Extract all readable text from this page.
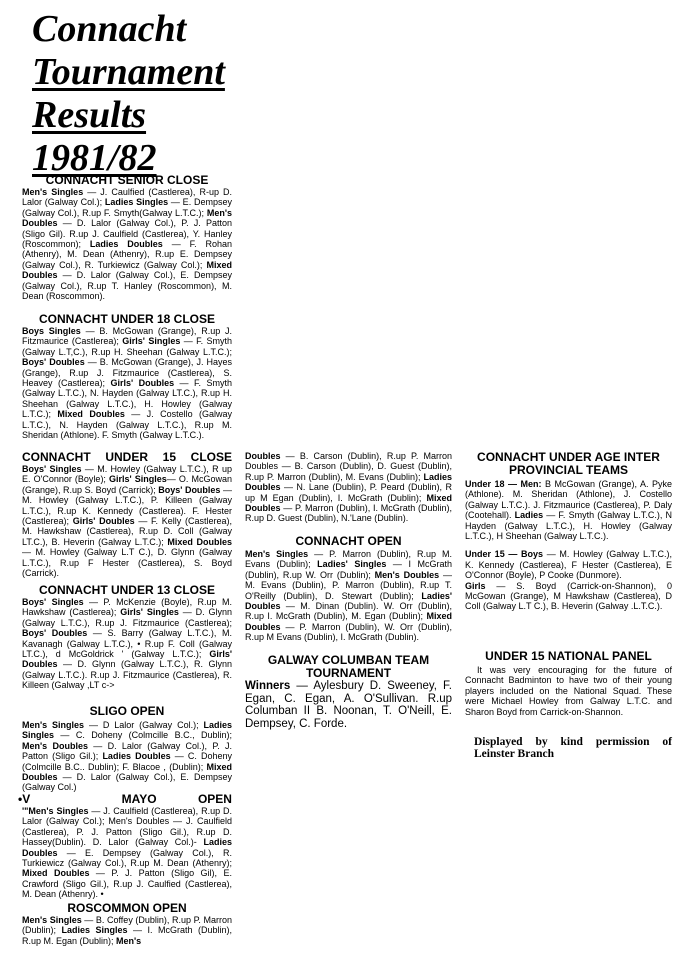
Connacht
Tournament
Results
1981/82
CONNACHT SENIOR CLOSE
Men's Singles — J. Caulfied (Castlerea), R-up D. Lalor (Galway Col.); Ladies Singles — E. Dempsey (Galway Col.), R.up F. Smyth(Galway L.T.C.); Men's Doubles — D. Lalor (Galway Col.), P. J. Patton (Sligo Gil). R.up J. Caulfield (Castlerea), Y. Hanley (Roscommon); Ladies Doubles — F. Rohan (Athenry), M. Dean (Athenry), R.up E. Dempsey (Galway Col.), R. Turkiewicz (Galway Col.); Mixed Doubles — D. Lalor (Galway Col.), E. Dempsey (Galway Col.), R.up T. Hanley (Roscommon), M. Dean (Roscommon).
CONNACHT UNDER 18 CLOSE
Boys Singles — B. McGowan (Grange), R.up J. Fitzmaurice (Castlerea); Girls' Singles — F. Smyth (Galway L.T,C.), R.up H. Sheehan (Galway L.T.C.); Boys' Doubles — B. McGowan (Grange), J. Hayes (Grange), R.up J. Fitzmaurice (Castlerea), S. Heavey (Castlerea); Girls' Doubles — F. Smyth (Galway L.T.C.), N. Hayden (Galway LT.C.), R.up H. Sheehan (Galway L.T.C.), H. Howley (Galway L.T.C.); Mixed Doubles — J. Costello (Galway L.T.C.), N. Hayden (Galway L.T.C.), R.up M. Sheridan (Athlone). F. Smyth (Galway L.T.C.).
CONNACHT UNDER 15 CLOSE
Boys' Singles — M. Howley (Galway L.T.C.), R up E. O'Connor (Boyle); Girls' Singles— O. McGowan (Grange), R.up S. Boyd (Carrick); Boys' Doubles — M. Howley (Galway L.T.C.), P. Killeen (Galway L.T.C.), R.up K. Kennedy (Castlerea). F. Hester (Castlerea); Girls' Doubles — F. Kelly (Castlerea), M. Hawkshaw (Castlerea), R.up D. Coll (Galway LT.C.), B. Heverin (Galway L.T.C.); Mixed Doubles— M. Howley (Galway L.T C.), D. Glynn (Galway L.T.C.), R.up F Hester (Castlerea), S. Boyd (Carrick).
CONNACHT UNDER 13 CLOSE
Boys' Singles — P. McKenzie (Boyle), R.up M. Hawkshaw (Castlerea); Girls' Singles — D. Glynn (Galway L.T.C.), R.up J. Fitzmaurice (Castlerea); Boys' Doubles — S. Barry (Galway L.T.C.), M. Kavanagh (Galway L.T.C.), • R.up F. Coll (Galway LT.C.), d McGoldrick ' (Galway L.T.C.); Girls' Doubles — D. Glynn (Galway L.T.C.), R. Glynn (Galway L.T.C.). R.up J. Fitzmaurice (Castlerea), R. Killeen (Galway ,LT c->
SLIGO OPEN
Men's Singles — D Lalor (Galway Col.); Ladies Singles — C. Doheny (Colmcille B.C., Dublin); Men's Doubles — D. Lalor (Galway Col.), P. J. Patton (Sligo Gil.); Ladies Doubles — C. Doheny (Colmcille B.C.. Dublin); F. Blacoe , (Dublin); Mixed Doubles — D. Lalor (Galway Col.), E. Dempsey (Galway Col.)
•V	MAYO	OPEN
'"Men's Singles — J. Caulfield (Castlerea), R.up D. Lalor (Galway Col.); Men's Doubles — J. Caulfield (Castlerea), P. J. Patton (Sligo Gil.), R.up D. Hassey(Dublin). D. Lalor (Galway Col.)- Ladies Doubles — E. Dempsey (Galway Col.), R. Turkiewicz (Galway Col.), R.up M. Dean (Athenry); Mixed Doubles — P. J. Patton (Sligo Gil), E. Crawford (Sligo Gil.), R.up J. Caulfied (Castlerea), M. Dean (Athenry). •
ROSCOMMON OPEN
Men's Singles — B. Coffey (Dublin), R.up P. Marron (Dublin); Ladies Singles — I. McGrath (Dublin), R.up M. Egan (Dublin); Men's
Doubles — B. Carson (Dublin), R.up P. Marron Doubles — B. Carson (Dublin), D. Guest (Dublin), R.up P. Marron (Dublin), M. Evans (Dublin); Ladies Doubles — N. Lane (Dublin), P. Peard (Dublin), R up M Egan (Dublin), I. McGrath (Dublin); Mixed Doubles — P. Marron (Dublin), I. McGrath (Dublin), R.up D. Guest (Dublin), N.'Lane (Dublin).
CONNACHT OPEN
Men's Singles — P. Marron (Dublin), R.up M. Evans (Dublin); Ladies' Singles — I McGrath (Dublin), R.up W. Orr (Dublin); Men's Doubles — M. Evans (Dublin), P. Marron (Dublin), R.up T. O'Reilly (Dublin), D. Stewart (Dublin); Ladies' Doubles — M. Dinan (Dublin). W. Orr (Dublin), R.up I. McGrath (Dublin), M. Egan (Dublin); Mixed Doubles — P. Marron (Dublin), W. Orr (Dublin), R.up M Evans (Dublin), I. McGrath (Dublin).
GALWAY COLUMBAN TEAM
TOURNAMENT
Winners — Aylesbury D. Sweeney, F. Egan, C. Egan, A. O'Sullivan. R.up Columban II B. Noonan, T. O'Neill, E. Dempsey, C. Forde.
CONNACHT UNDER AGE INTER
PROVINCIAL TEAMS
Under 18 — Men: B McGowan (Grange), A. Pyke (Athlone). M. Sheridan (Athlone), J. Costello (Galway L.T.C.). J. Fitzmaurice (Castlerea), P. Daly (Cootehall). Ladies — F. Smyth (Galway L.T.C.), N Hayden (Galway L.T.C.), H. Howley (Galway L.T.C.), H Sheehan (Galway L.T.C.).
Under 15 — Boys — M. Howley (Galway L.T.C.), K. Kennedy (Castlerea), F Hester (Castlerea), E O'Connor (Boyle), P Cooke (Dunmore).
Girls — S. Boyd (Carrick-on-Shannon), 0 McGowan (Grange), M Hawkshaw (Castlerea), D Coll (Galway L.T C.), B. Heverin (Galway .L.T.C.).
UNDER 15 NATIONAL PANEL
It was very encouraging for the future of Connacht Badminton to have two of their young players included on the National Squad. These were Michael Howley from Galway L.T.C. and Sharon Boyd from Carrick-on-Shannon.
Displayed by kind permission of Leinster Branch
